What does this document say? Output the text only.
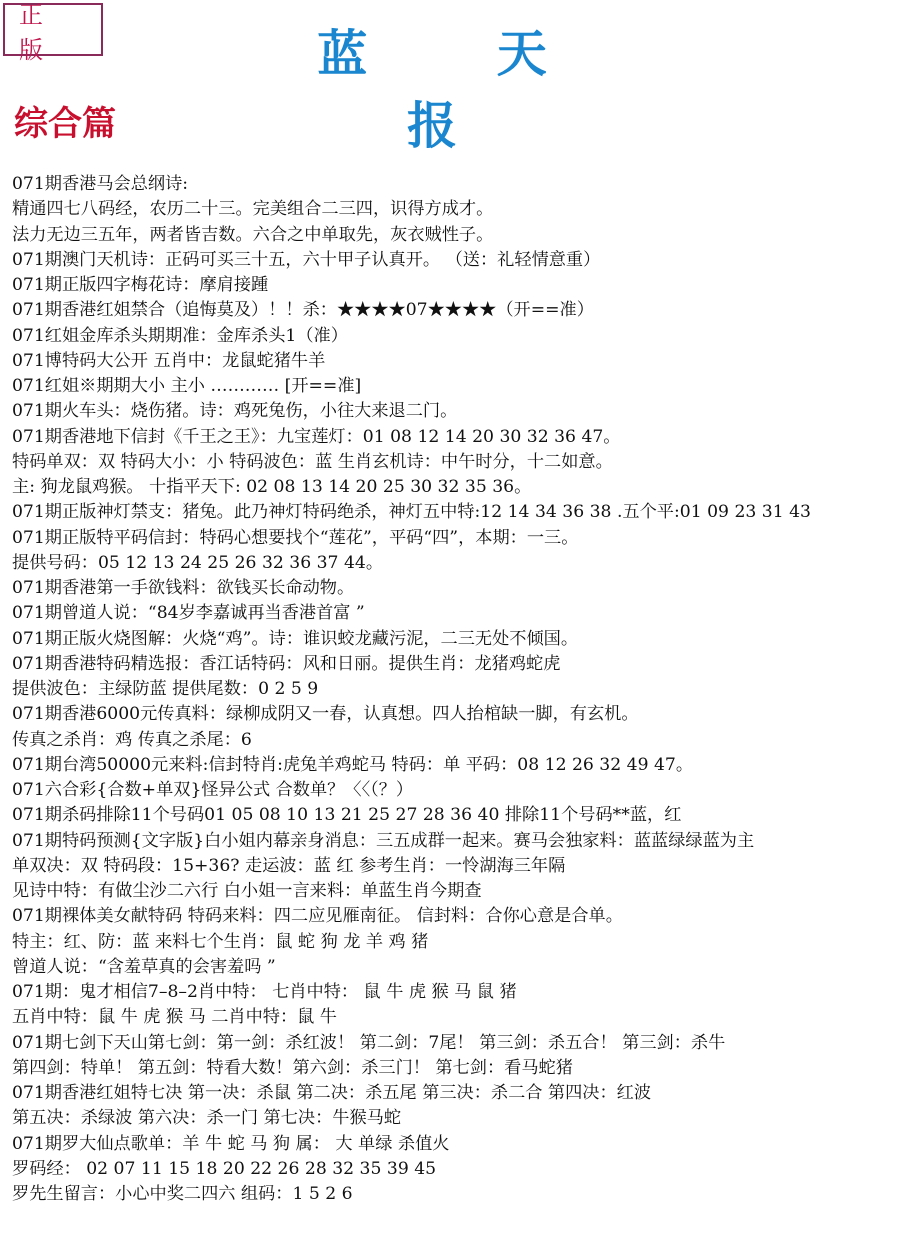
正 版	蓝 天 报
综合篇
071期香港马会总纲诗:
精通四七八码经，农历二十三。完美组合二三四，识得方成才。
法力无边三五年，两者皆吉数。六合之中单取先，灰衣贼性子。
071期澳门天机诗：正码可买三十五，六十甲子认真开。 （送：礼轻情意重）
071期正版四字梅花诗：摩肩接踵
071期香港红姐禁合（追悔莫及）！！杀：★★★★07★★★★（开==准）
071红姐金库杀头期期准：金库杀头1（准）
071博特码大公开 五肖中：龙鼠蛇猪牛羊
071红姐※期期大小 主小 ………… [开==准]
071期火车头：烧伤猪。诗：鸡死兔伤，小往大来退二门。
071期香港地下信封《千王之王》：九宝莲灯：01 08 12 14 20 30 32 36 47。
特码单双：双 特码大小：小 特码波色：蓝 生肖玄机诗：中午时分，十二如意。
主: 狗龙鼠鸡猴。 十指平天下: 02 08 13 14 20 25 30 32 35 36。
071期正版神灯禁支：猪兔。此乃神灯特码绝杀，神灯五中特:12 14 34 36 38 .五个平:01 09 23 31 43
071期正版特平码信封：特码心想要找个“莲花”，平码“四”，本期：一三。
提供号码：05 12 13 24 25 26 32 36 37 44。
071期香港第一手欲钱料：欲钱买长命动物。
071期曾道人说：“84岁李嘉诚再当香港首富 ”
071期正版火烧图解：火烧“鸡”。诗：谁识蛟龙藏污泥，二三无处不倾国。
071期香港特码精选报：香江话特码：风和日丽。提供生肖：龙猪鸡蛇虎
提供波色：主绿防蓝 提供尾数：0 2 5 9
071期香港6000元传真料：绿柳成阴又一春，认真想。四人抬棺缺一脚，有玄机。
传真之杀肖：鸡 传真之杀尾：6
071期台湾50000元来料:信封特肖:虎兔羊鸡蛇马 特码：单 平码：08 12 26 32 49 47。
071六合彩{合数+单双}怪异公式 合数单？〈〈（？）
071期杀码排除11个号码01 05 08 10 13 21 25 27 28 36 40 排除11个号码**蓝，红
071期特码预测{文字版}白小姐内幕亲身消息：三五成群一起来。赛马会独家料：蓝蓝绿绿蓝为主
单双决：双 特码段：15+36? 走运波：蓝 红 参考生肖：一怜湖海三年隔
见诗中特：有做尘沙二六行 白小姐一言来料：单蓝生肖今期查
071期裸体美女献特码 特码来料：四二应见雁南征。 信封料：合你心意是合单。
特主：红、防：蓝 来料七个生肖：鼠 蛇 狗 龙 羊 鸡 猪
曾道人说：“含羞草真的会害羞吗 ”
071期：鬼才相信7–8–2肖中特： 七肖中特： 鼠 牛 虎 猴 马 鼠 猪
五肖中特：鼠 牛 虎 猴 马 二肖中特：鼠 牛
071期七剑下天山第七剑：第一剑：杀红波！ 第二剑：7尾！ 第三剑：杀五合！ 第三剑：杀牛
第四剑：特单！ 第五剑：特看大数！第六剑：杀三门！ 第七剑：看马蛇猪
071期香港红姐特七决 第一决：杀鼠 第二决：杀五尾 第三决：杀二合 第四决：红波
第五决：杀绿波 第六决：杀一门 第七决：牛猴马蛇
071期罗大仙点歌单：羊 牛 蛇 马 狗 属： 大 单绿 杀值火
罗码经： 02 07 11 15 18 20 22 26 28 32 35 39 45
罗先生留言：小心中奖二四六 组码：1 5 2 6
